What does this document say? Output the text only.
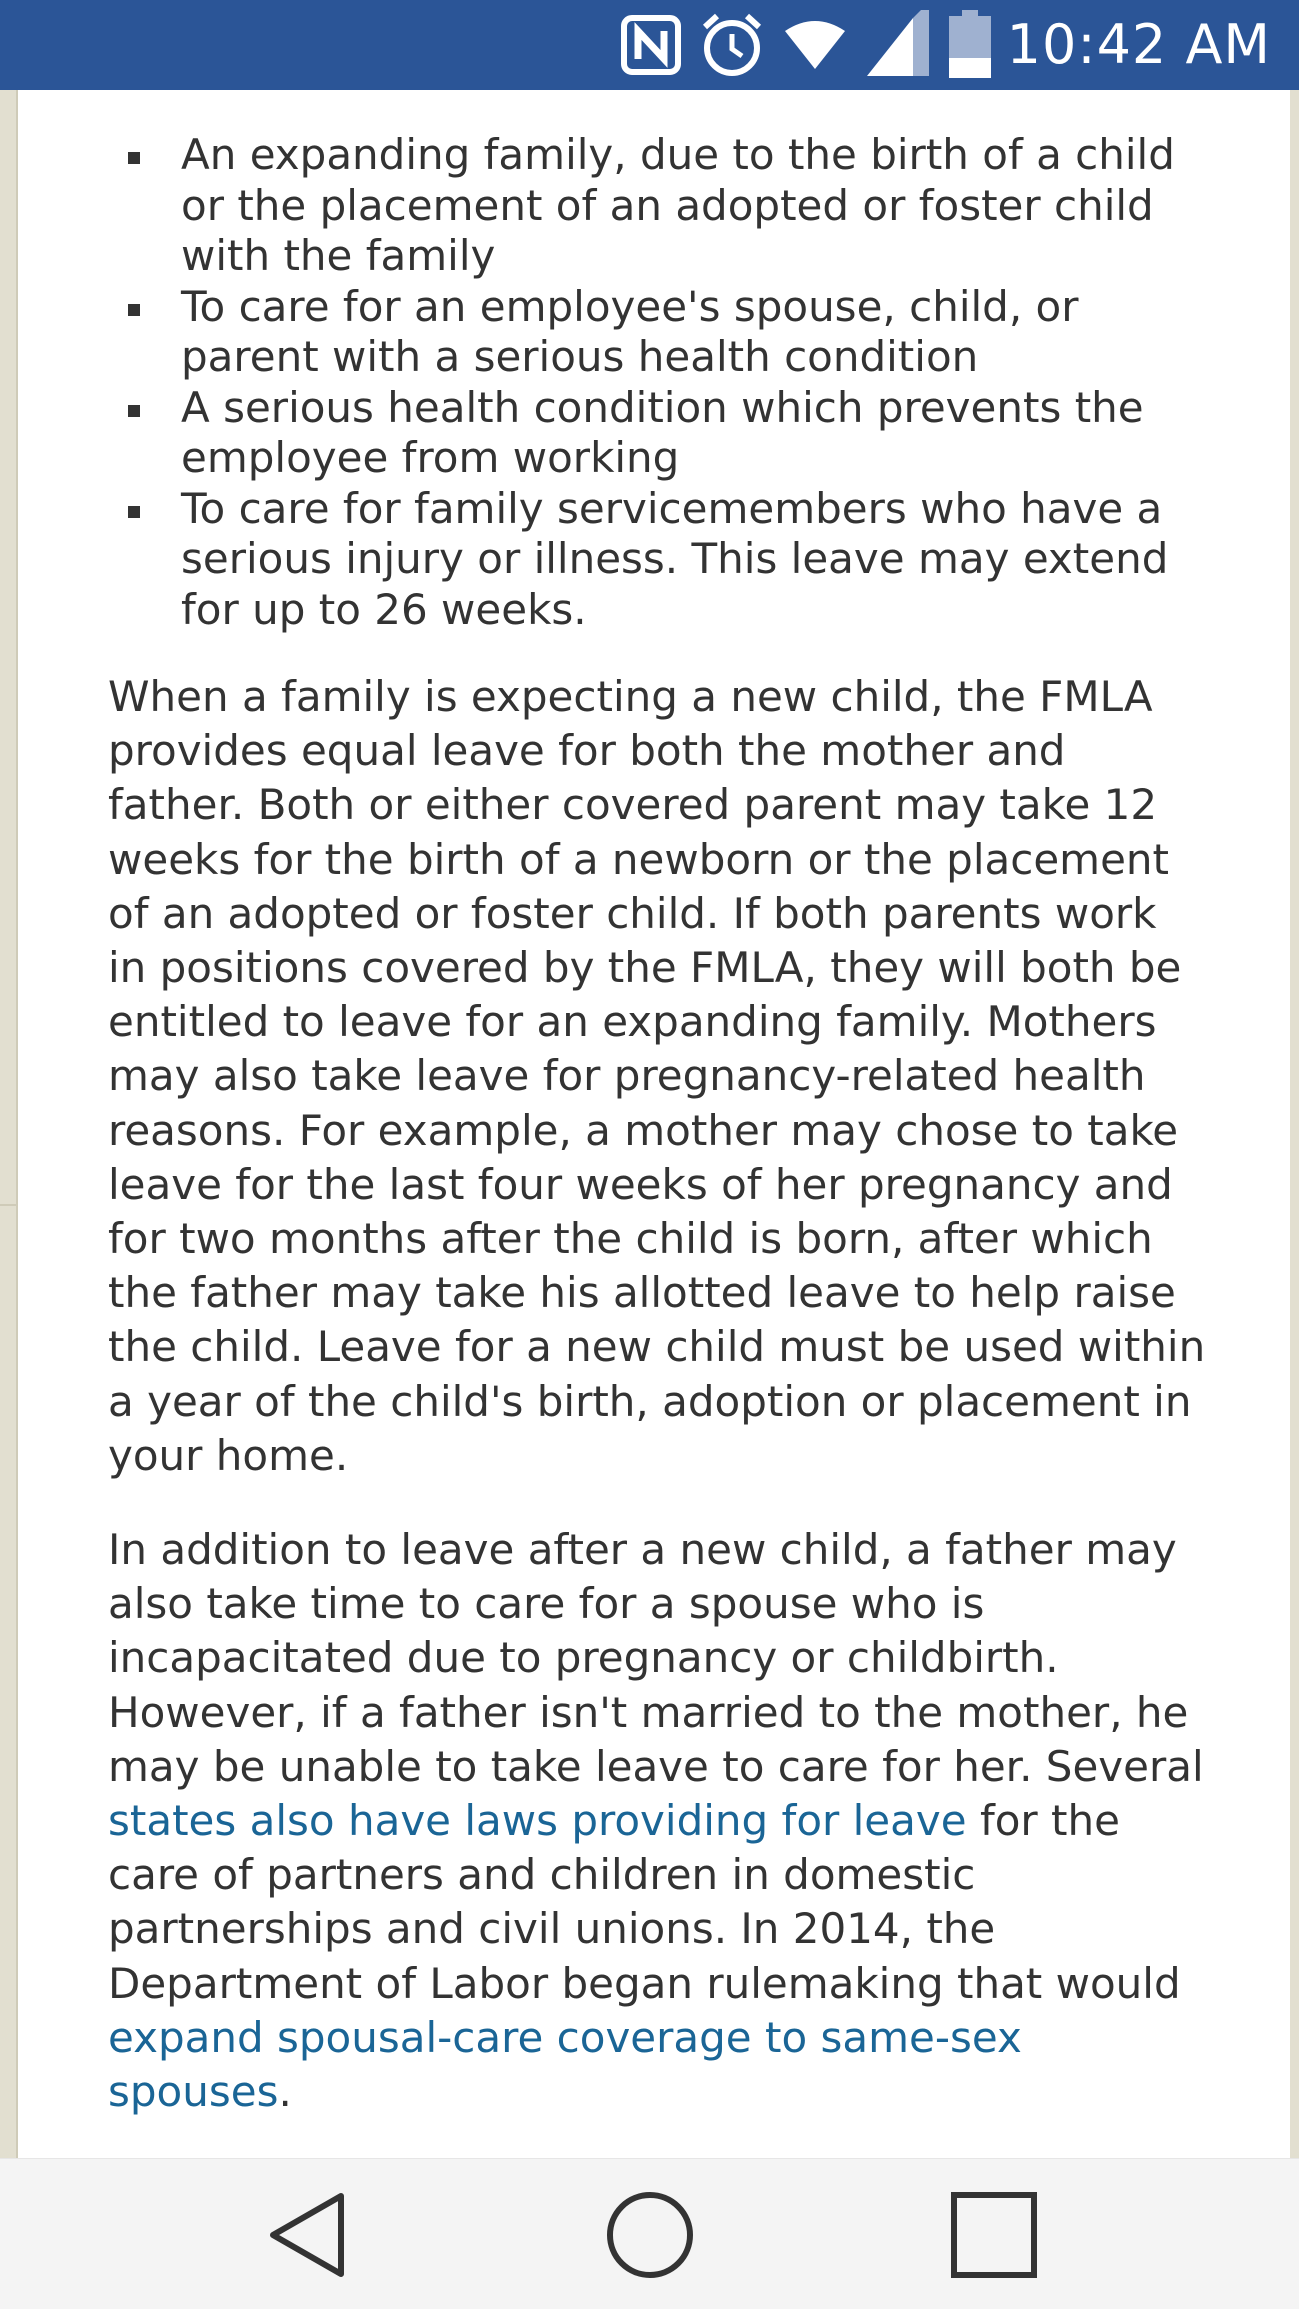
10:42 AM
An expanding family, due to the birth of a child or the placement of an adopted or foster child with the family
To care for an employee's spouse, child, or parent with a serious health condition
A serious health condition which prevents the employee from working
To care for family servicemembers who have a serious injury or illness. This leave may extend for up to 26 weeks.

When a family is expecting a new child, the FMLA provides equal leave for both the mother and father. Both or either covered parent may take 12 weeks for the birth of a newborn or the placement of an adopted or foster child. If both parents work in positions covered by the FMLA, they will both be entitled to leave for an expanding family. Mothers may also take leave for pregnancy-related health reasons. For example, a mother may chose to take leave for the last four weeks of her pregnancy and for two months after the child is born, after which the father may take his allotted leave to help raise the child. Leave for a new child must be used within a year of the child's birth, adoption or placement in your home.

In addition to leave after a new child, a father may also take time to care for a spouse who is incapacitated due to pregnancy or childbirth. However, if a father isn't married to the mother, he may be unable to take leave to care for her. Several states also have laws providing for leave for the care of partners and children in domestic partnerships and civil unions. In 2014, the Department of Labor began rulemaking that would expand spousal-care coverage to same-sex spouses.
